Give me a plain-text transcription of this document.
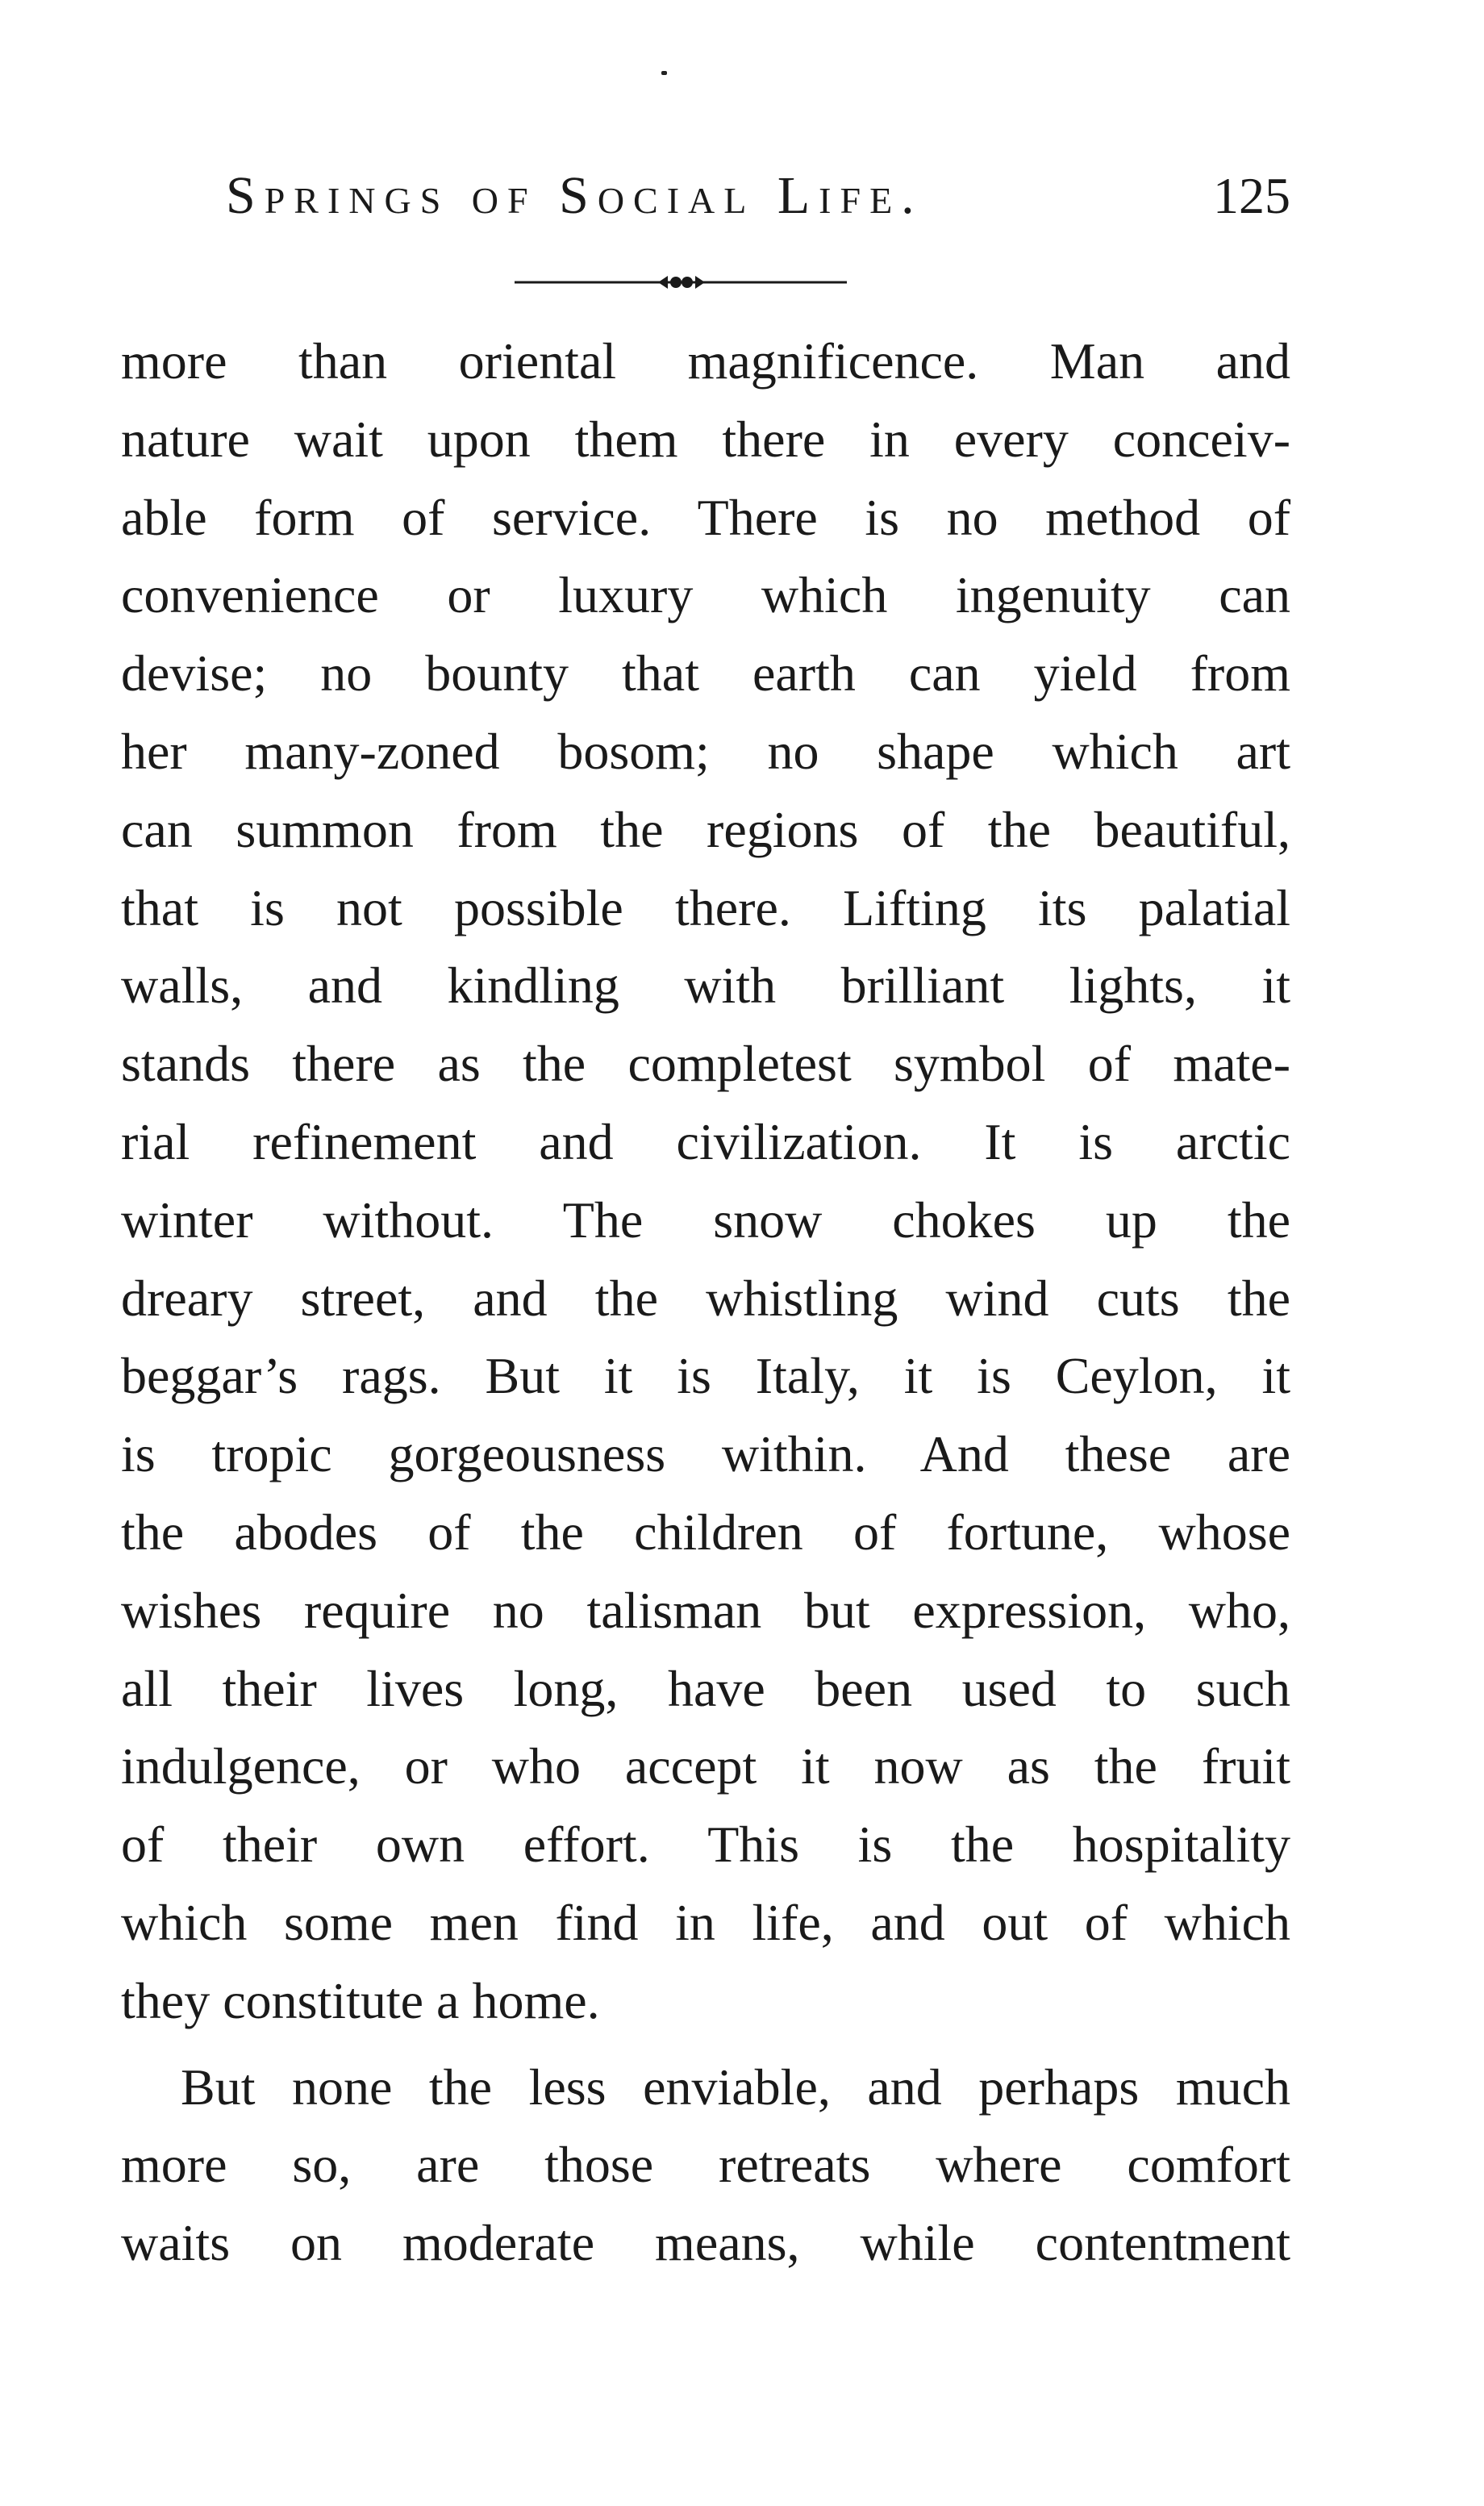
Springs of Social Life.	125
more than oriental magnificence. Man and
nature wait upon them there in every conceiv-
able form of service. There is no method of
convenience or luxury which ingenuity can
devise; no bounty that earth can yield from
her many-zoned bosom; no shape which art
can summon from the regions of the beautiful,
that is not possible there. Lifting its palatial
walls, and kindling with brilliant lights, it
stands there as the completest symbol of mate-
rial refinement and civilization. It is arctic
winter without. The snow chokes up the
dreary street, and the whistling wind cuts the
beggar’s rags. But it is Italy, it is Ceylon, it
is tropic gorgeousness within. And these are
the abodes of the children of fortune, whose
wishes require no talisman but expression, who,
all their lives long, have been used to such
indulgence, or who accept it now as the fruit
of their own effort. This is the hospitality
which some men find in life, and out of which
they constitute a home.
But none the less enviable, and perhaps much
more so, are those retreats where comfort
waits on moderate means, while contentment
